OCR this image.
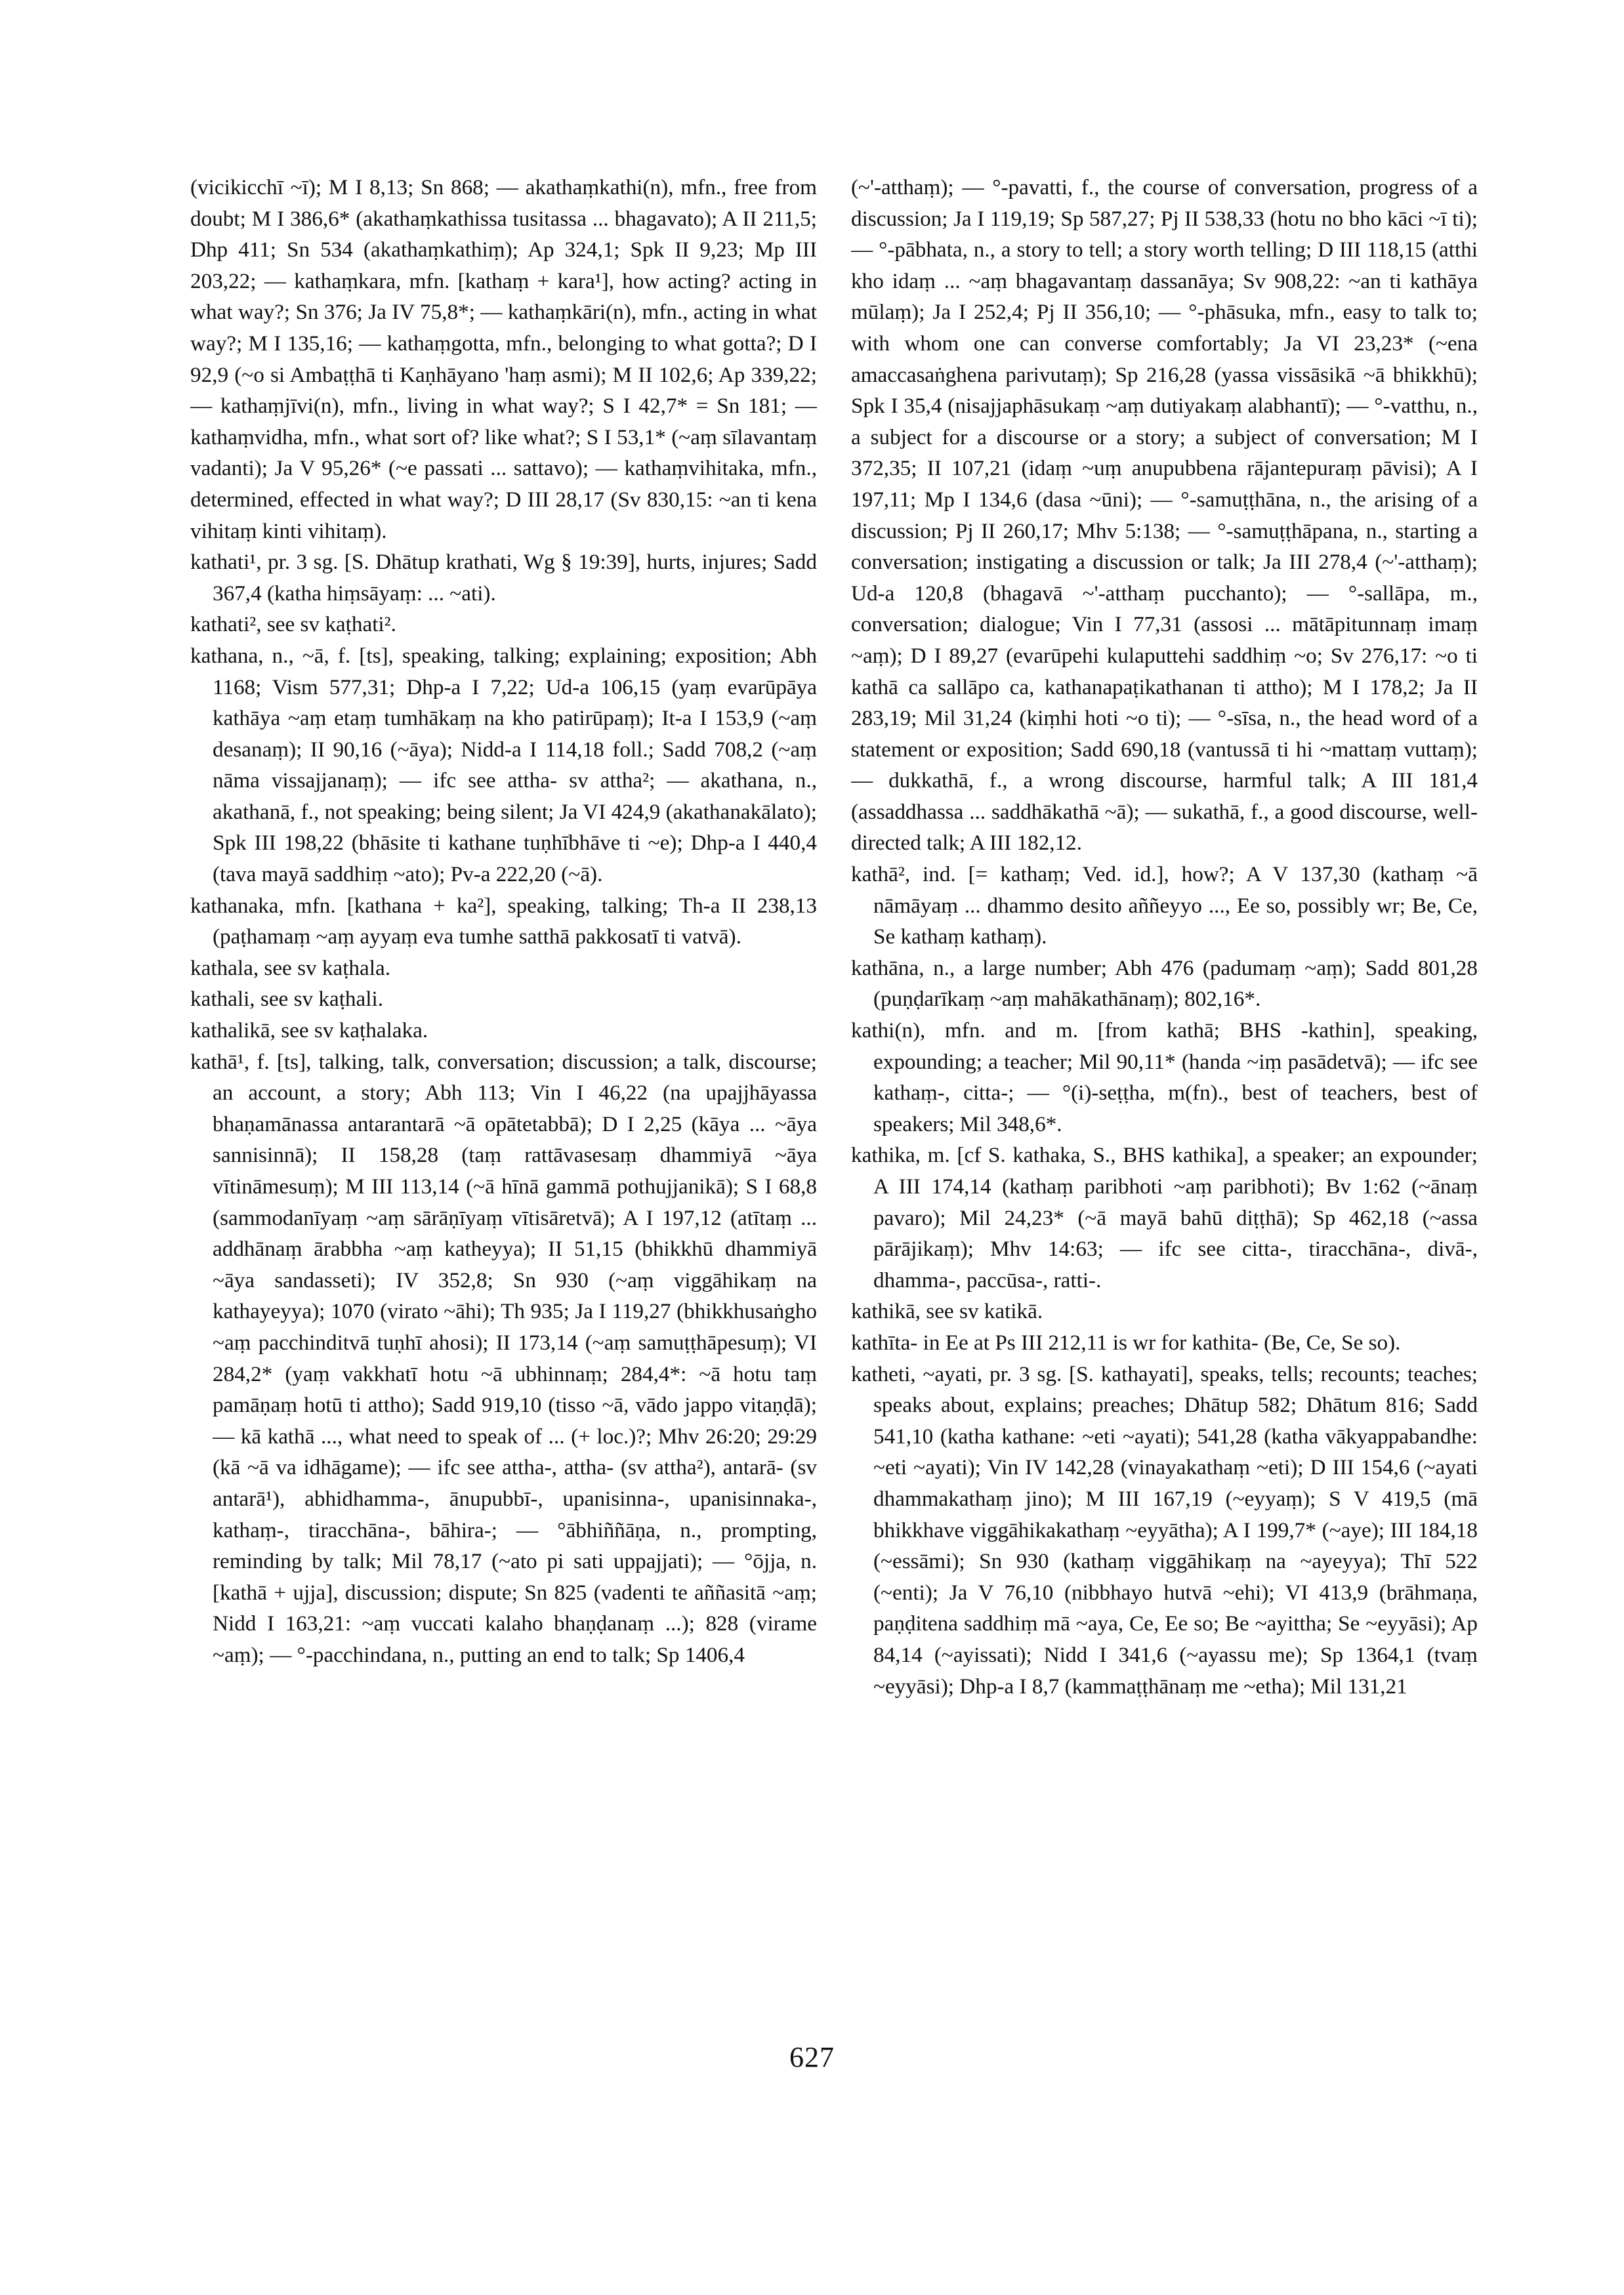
(vicikicchī ~ī); M I 8,13; Sn 868; — akathaṃkathi(n), mfn., free from doubt; M I 386,6* (akathaṃkathissa tusitassa ... bhagavato); A II 211,5; Dhp 411; Sn 534 (akathaṃkathiṃ); Ap 324,1; Spk II 9,23; Mp III 203,22; — kathaṃkara, mfn. [kathaṃ + kara¹], how acting? acting in what way?; Sn 376; Ja IV 75,8*; — kathaṃkāri(n), mfn., acting in what way?; M I 135,16; — kathaṃgotta, mfn., belonging to what gotta?; D I 92,9 (~o si Ambaṭṭhā ti Kaṇhāyano 'haṃ asmi); M II 102,6; Ap 339,22; — kathaṃjīvi(n), mfn., living in what way?; S I 42,7* = Sn 181; — kathaṃvidha, mfn., what sort of? like what?; S I 53,1* (~aṃ sīlavantaṃ vadanti); Ja V 95,26* (~e passati ... sattavo); — kathaṃvihitaka, mfn., determined, effected in what way?; D III 28,17 (Sv 830,15: ~an ti kena vihitaṃ kinti vihitaṃ).

kathati¹, pr. 3 sg. [S. Dhātup krathati, Wg § 19:39], hurts, injures; Sadd 367,4 (katha hiṃsāyaṃ: ... ~ati).

kathati², see sv kaṭhati².

kathana, n., ~ā, f. [ts], speaking, talking; explaining; exposition; Abh 1168; Vism 577,31; Dhp-a I 7,22; Ud-a 106,15 (yaṃ evarūpāya kathāya ~aṃ etaṃ tumhākaṃ na kho patirūpaṃ); It-a I 153,9 (~aṃ desanaṃ); II 90,16 (~āya); Nidd-a I 114,18 foll.; Sadd 708,2 (~aṃ nāma vissajjanaṃ); — ifc see attha- sv attha²; — akathana, n., akathanā, f., not speaking; being silent; Ja VI 424,9 (akathanakālato); Spk III 198,22 (bhāsite ti kathane tuṇhībhāve ti ~e); Dhp-a I 440,4 (tava mayā saddhiṃ ~ato); Pv-a 222,20 (~ā).

kathanaka, mfn. [kathana + ka²], speaking, talking; Th-a II 238,13 (paṭhamaṃ ~aṃ ayyaṃ eva tumhe satthā pakkosatī ti vatvā).

kathala, see sv kaṭhala.

kathali, see sv kaṭhali.

kathalikā, see sv kaṭhalaka.

kathā¹, f. [ts], talking, talk, conversation; discussion; a talk, discourse; an account, a story; Abh 113; Vin I 46,22 (na upajjhāyassa bhaṇamānassa antarantarā ~ā opātetabbā); D I 2,25 (kāya ... ~āya sannisinnā); II 158,28 (taṃ rattāvasesaṃ dhammiyā ~āya vītināmesuṃ); M III 113,14 (~ā hīnā gammā pothujjanikā); S I 68,8 (sammodanīyaṃ ~aṃ sārāṇīyaṃ vītisāretvā); A I 197,12 (atītaṃ ... addhānaṃ ārabbha ~aṃ katheyya); II 51,15 (bhikkhū dhammiyā ~āya sandasseti); IV 352,8; Sn 930 (~aṃ viggāhikaṃ na kathayeyya); 1070 (virato ~āhi); Th 935; Ja I 119,27 (bhikkhusaṅgho ~aṃ pacchinditvā tuṇhī ahosi); II 173,14 (~aṃ samuṭṭhāpesuṃ); VI 284,2* (yaṃ vakkhatī hotu ~ā ubhinnaṃ; 284,4*: ~ā hotu taṃ pamāṇaṃ hotū ti attho); Sadd 919,10 (tisso ~ā, vādo jappo vitaṇḍā); — kā kathā ..., what need to speak of ... (+ loc.)?; Mhv 26:20; 29:29 (kā ~ā va idhāgame); — ifc see attha-, attha- (sv attha²), antarā- (sv antarā¹), abhidhamma-, ānupubbī-, upanisinna-, upanisinnaka-, kathaṃ-, tiracchāna-, bāhira-; — °ābhiññāṇa, n., prompting, reminding by talk; Mil 78,17 (~ato pi sati uppajjati); — °ōjja, n. [kathā + ujja], discussion; dispute; Sn 825 (vadenti te aññasitā ~aṃ; Nidd I 163,21: ~aṃ vuccati kalaho bhaṇḍanaṃ ...); 828 (virame ~aṃ); — °-pacchindana, n., putting an end to talk; Sp 1406,4

(~'-atthaṃ); — °-pavatti, f., the course of conversation, progress of a discussion; Ja I 119,19; Sp 587,27; Pj II 538,33 (hotu no bho kāci ~ī ti); — °-pābhata, n., a story to tell; a story worth telling; D III 118,15 (atthi kho idaṃ ... ~aṃ bhagavantaṃ dassanāya; Sv 908,22: ~an ti kathāya mūlaṃ); Ja I 252,4; Pj II 356,10; — °-phāsuka, mfn., easy to talk to; with whom one can converse comfortably; Ja VI 23,23* (~ena amaccasaṅghena parivutaṃ); Sp 216,28 (yassa vissāsikā ~ā bhikkhū); Spk I 35,4 (nisajjaphāsukaṃ ~aṃ dutiyakaṃ alabhantī); — °-vatthu, n., a subject for a discourse or a story; a subject of conversation; M I 372,35; II 107,21 (idaṃ ~uṃ anupubbena rājantepuraṃ pāvisi); A I 197,11; Mp I 134,6 (dasa ~ūni); — °-samuṭṭhāna, n., the arising of a discussion; Pj II 260,17; Mhv 5:138; — °-samuṭṭhāpana, n., starting a conversation; instigating a discussion or talk; Ja III 278,4 (~'-atthaṃ); Ud-a 120,8 (bhagavā ~'-atthaṃ pucchanto); — °-sallāpa, m., conversation; dialogue; Vin I 77,31 (assosi ... mātāpitunnaṃ imaṃ ~aṃ); D I 89,27 (evarūpehi kulaputtehi saddhiṃ ~o; Sv 276,17: ~o ti kathā ca sallāpo ca, kathanapaṭikathanan ti attho); M I 178,2; Ja II 283,19; Mil 31,24 (kiṃhi hoti ~o ti); — °-sīsa, n., the head word of a statement or exposition; Sadd 690,18 (vantussā ti hi ~mattaṃ vuttaṃ); — dukkathā, f., a wrong discourse, harmful talk; A III 181,4 (assaddhassa ... saddhākathā ~ā); — sukathā, f., a good discourse, well-directed talk; A III 182,12.

kathā², ind. [= kathaṃ; Ved. id.], how?; A V 137,30 (kathaṃ ~ā nāmāyaṃ ... dhammo desito aññeyyo ..., Ee so, possibly wr; Be, Ce, Se kathaṃ kathaṃ).

kathāna, n., a large number; Abh 476 (padumaṃ ~aṃ); Sadd 801,28 (puṇḍarīkaṃ ~aṃ mahākathānaṃ); 802,16*.

kathi(n), mfn. and m. [from kathā; BHS -kathin], speaking, expounding; a teacher; Mil 90,11* (handa ~iṃ pasādetvā); — ifc see kathaṃ-, citta-; — °(i)-seṭṭha, m(fn)., best of teachers, best of speakers; Mil 348,6*.

kathika, m. [cf S. kathaka, S., BHS kathika], a speaker; an expounder; A III 174,14 (kathaṃ paribhoti ~aṃ paribhoti); Bv 1:62 (~ānaṃ pavaro); Mil 24,23* (~ā mayā bahū diṭṭhā); Sp 462,18 (~assa pārājikaṃ); Mhv 14:63; — ifc see citta-, tiracchāna-, divā-, dhamma-, paccūsa-, ratti-.

kathikā, see sv katikā.

kathīta- in Ee at Ps III 212,11 is wr for kathita- (Be, Ce, Se so).

katheti, ~ayati, pr. 3 sg. [S. kathayati], speaks, tells; recounts; teaches; speaks about, explains; preaches; Dhātup 582; Dhātum 816; Sadd 541,10 (katha kathane: ~eti ~ayati); 541,28 (katha vākyappabandhe: ~eti ~ayati); Vin IV 142,28 (vinayakathaṃ ~eti); D III 154,6 (~ayati dhammakathaṃ jino); M III 167,19 (~eyyaṃ); S V 419,5 (mā bhikkhave viggāhikakathaṃ ~eyyātha); A I 199,7* (~aye); III 184,18 (~essāmi); Sn 930 (kathaṃ viggāhikaṃ na ~ayeyya); Thī 522 (~enti); Ja V 76,10 (nibbhayo hutvā ~ehi); VI 413,9 (brāhmaṇa, paṇḍitena saddhiṃ mā ~aya, Ce, Ee so; Be ~ayittha; Se ~eyyāsi); Ap 84,14 (~ayissati); Nidd I 341,6 (~ayassu me); Sp 1364,1 (tvaṃ ~eyyāsi); Dhp-a I 8,7 (kammaṭṭhānaṃ me ~etha); Mil 131,21

627
